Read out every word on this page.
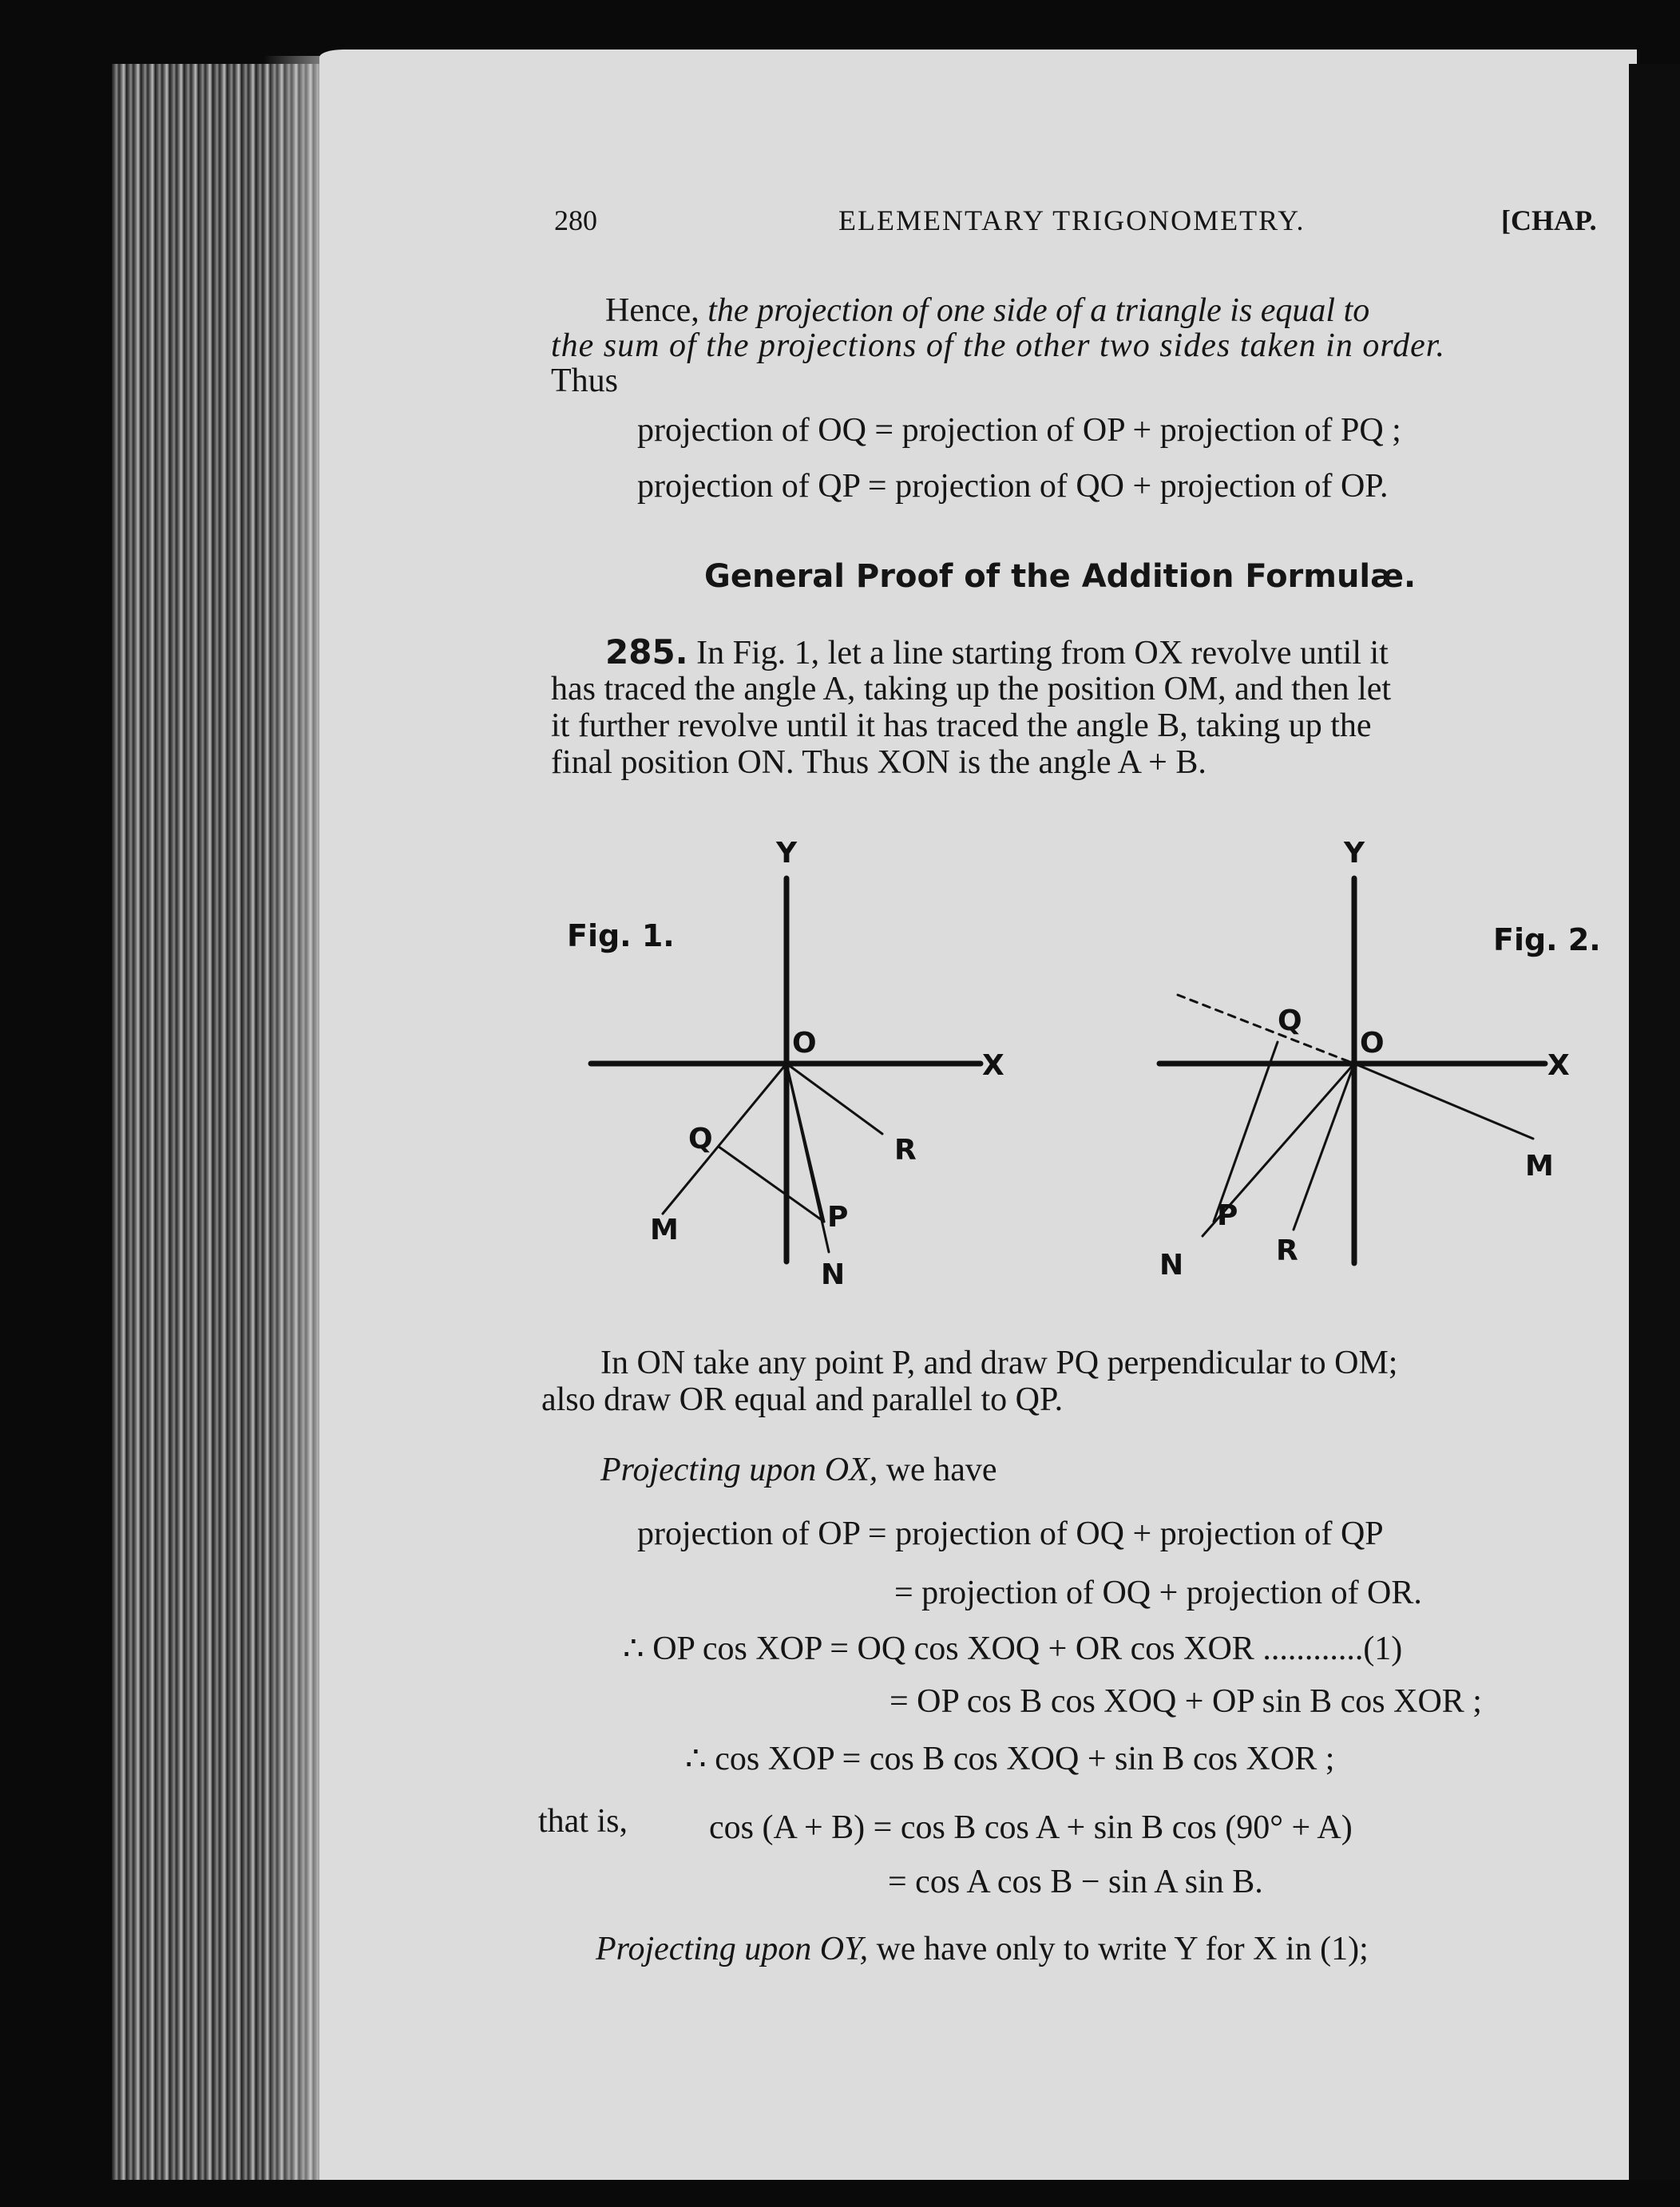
280	ELEMENTARY TRIGONOMETRY.	[CHAP.
Hence, the projection of one side of a triangle is equal to
the sum of the projections of the other two sides taken in order.
Thus
projection of OQ = projection of OP + projection of PQ ;
projection of QP = projection of QO + projection of OP.
General Proof of the Addition Formulæ.
285. In Fig. 1, let a line starting from OX revolve until it
has traced the angle A, taking up the position OM, and then let
it further revolve until it has traced the angle B, taking up the
final position ON. Thus XON is the angle A + B.
Fig. 1.
Y
O
X
Q	R
M	P
N
Fig. 2.
Y
Q
O
X
M
P
N	R
In ON take any point P, and draw PQ perpendicular to OM;
also draw OR equal and parallel to QP.
Projecting upon OX, we have
projection of OP = projection of OQ + projection of QP
= projection of OQ + projection of OR.
∴ OP cos XOP = OQ cos XOQ + OR cos XOR ............(1)
= OP cos B cos XOQ + OP sin B cos XOR ;
∴ cos XOP = cos B cos XOQ + sin B cos XOR ;
that is, cos (A + B) = cos B cos A + sin B cos (90° + A)
= cos A cos B − sin A sin B.
Projecting upon OY, we have only to write Y for X in (1);
